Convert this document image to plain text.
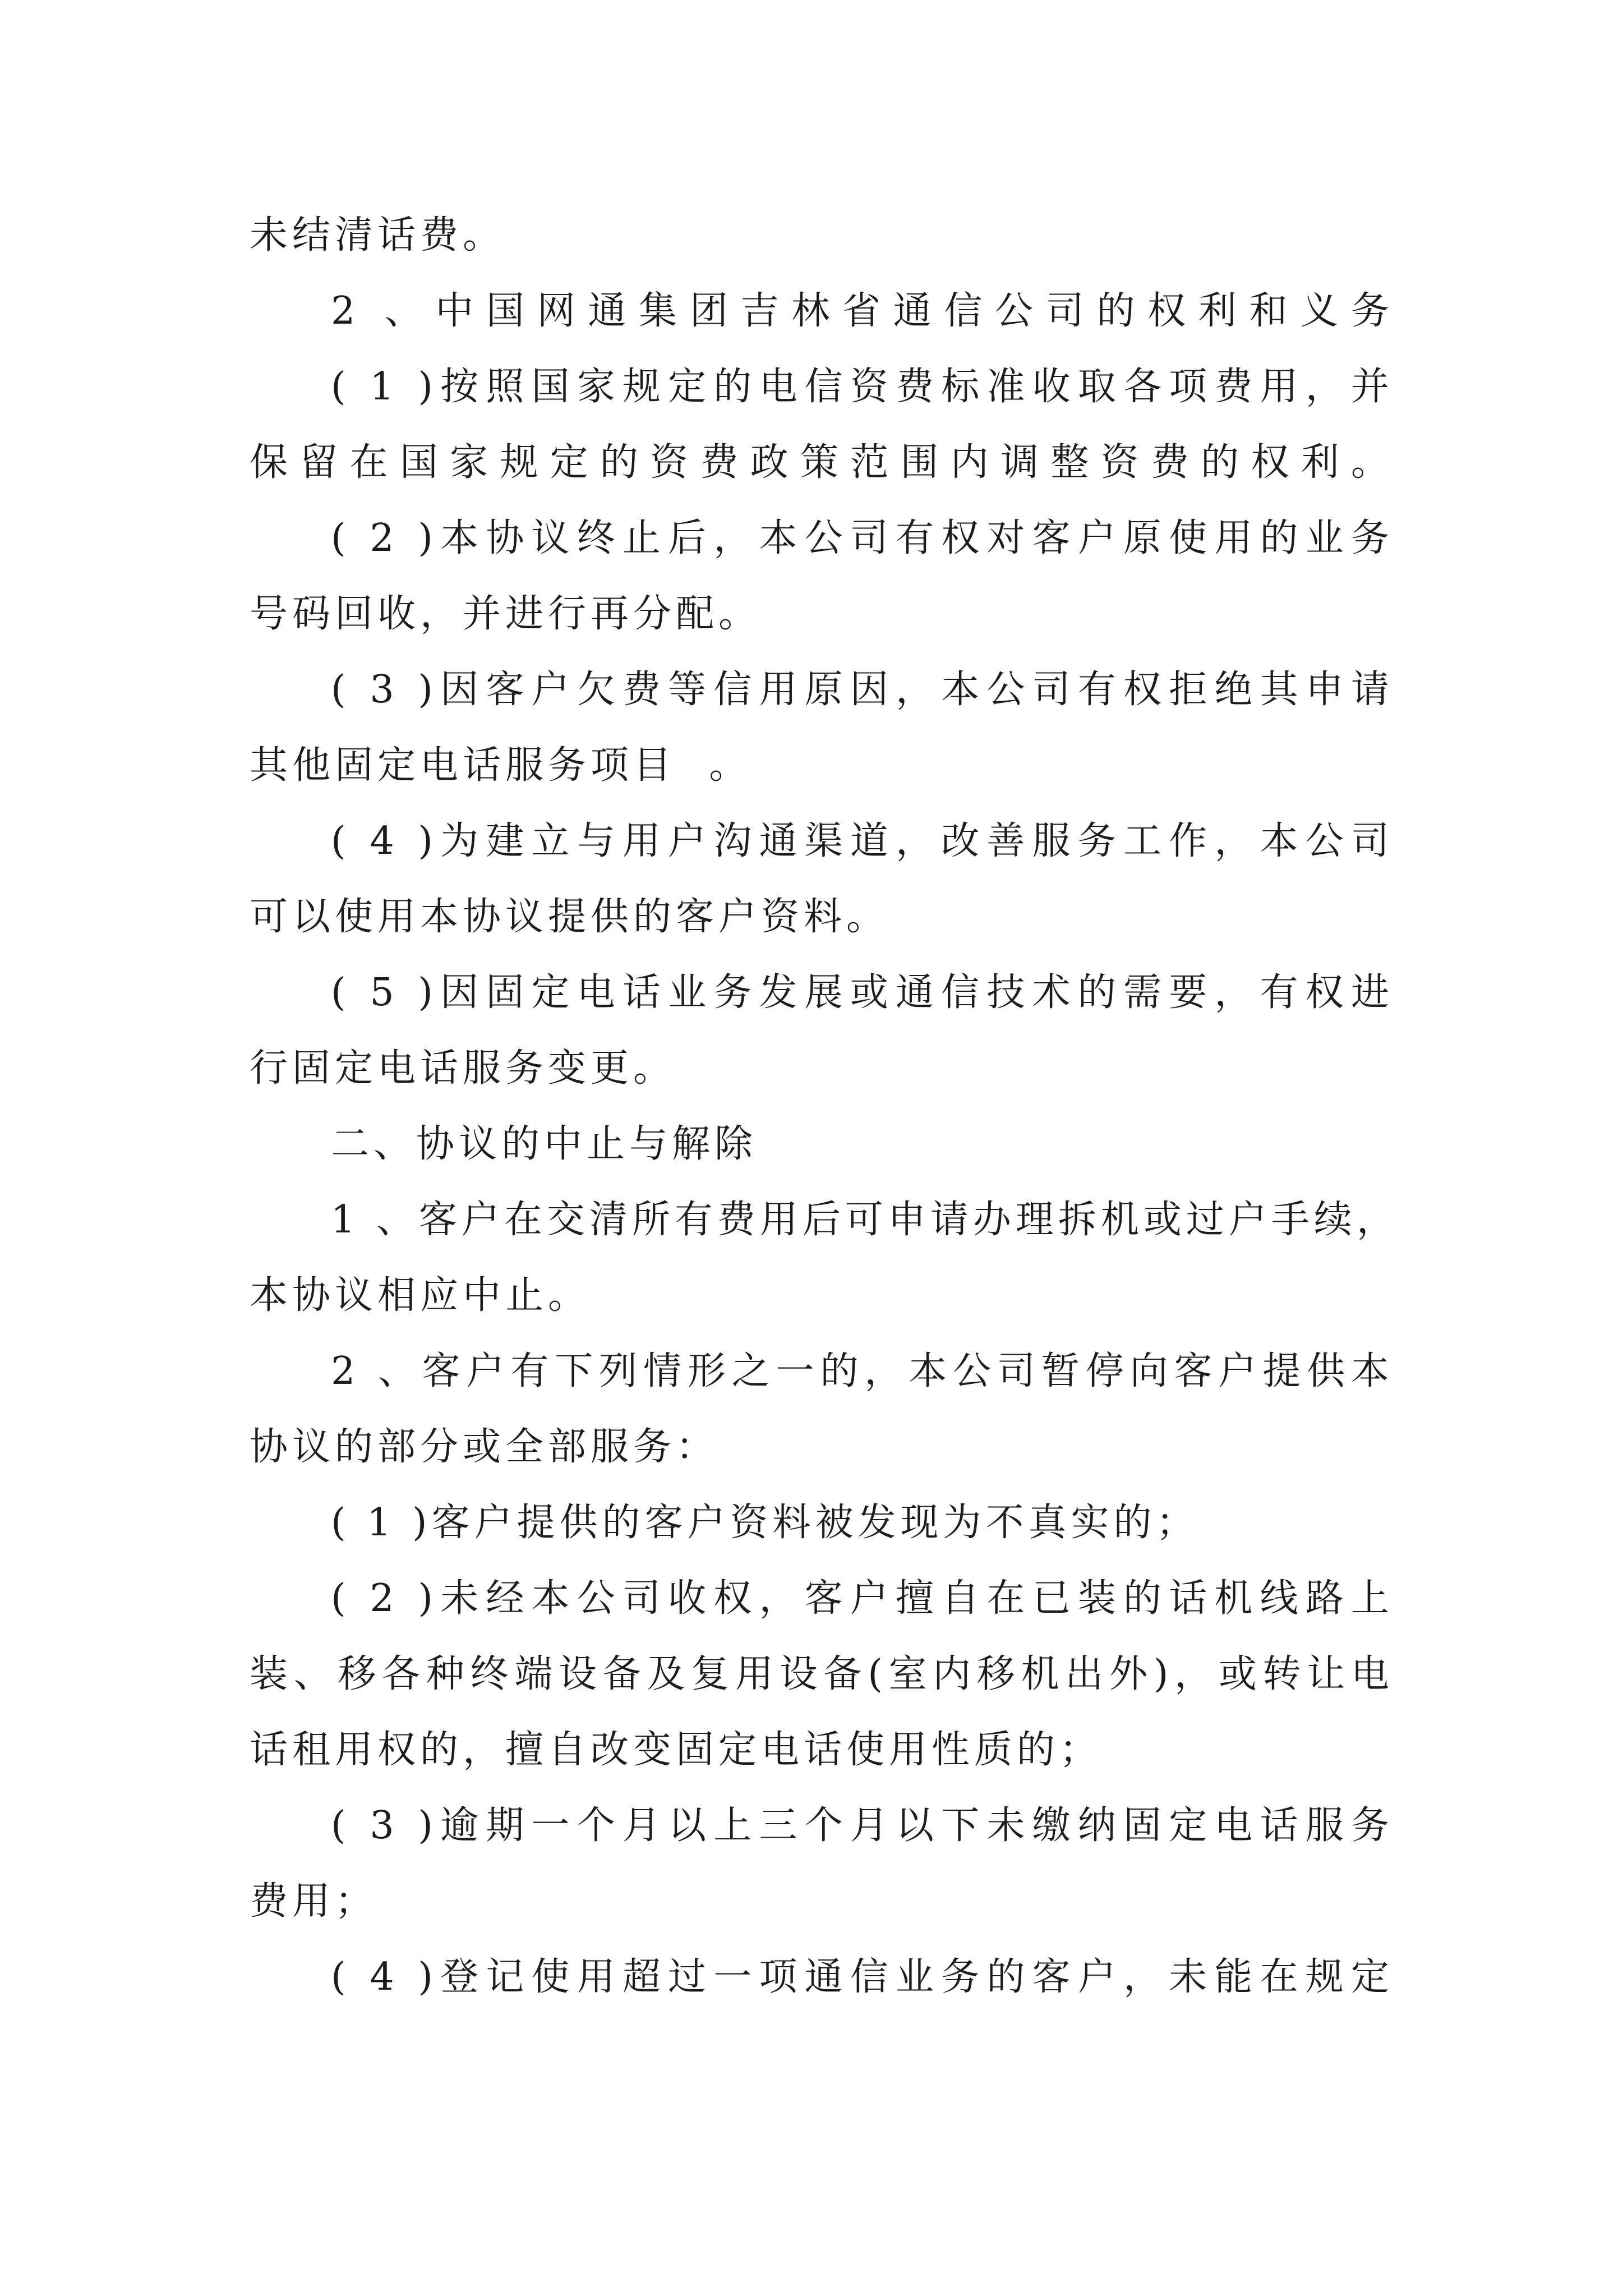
未结清话费。
2 、中国网通集团吉林省通信公司的权利和义务
( 1 )按照国家规定的电信资费标准收取各项费用，并
保留在国家规定的资费政策范围内调整资费的权利。
( 2 )本协议终止后，本公司有权对客户原使用的业务
号码回收，并进行再分配。
( 3 )因客户欠费等信用原因，本公司有权拒绝其申请
其他固定电话服务项目  。
( 4 )为建立与用户沟通渠道，改善服务工作，本公司
可以使用本协议提供的客户资料。
( 5 )因固定电话业务发展或通信技术的需要，有权进
行固定电话服务变更。
二、协议的中止与解除
1 、客户在交清所有费用后可申请办理拆机或过户手续，
本协议相应中止。
2 、客户有下列情形之一的，本公司暂停向客户提供本
协议的部分或全部服务：
( 1 )客户提供的客户资料被发现为不真实的；
( 2 )未经本公司收权，客户擅自在已装的话机线路上
装、移各种终端设备及复用设备(室内移机出外)，或转让电
话租用权的，擅自改变固定电话使用性质的；
( 3 )逾期一个月以上三个月以下未缴纳固定电话服务
费用；
( 4 )登记使用超过一项通信业务的客户，未能在规定
